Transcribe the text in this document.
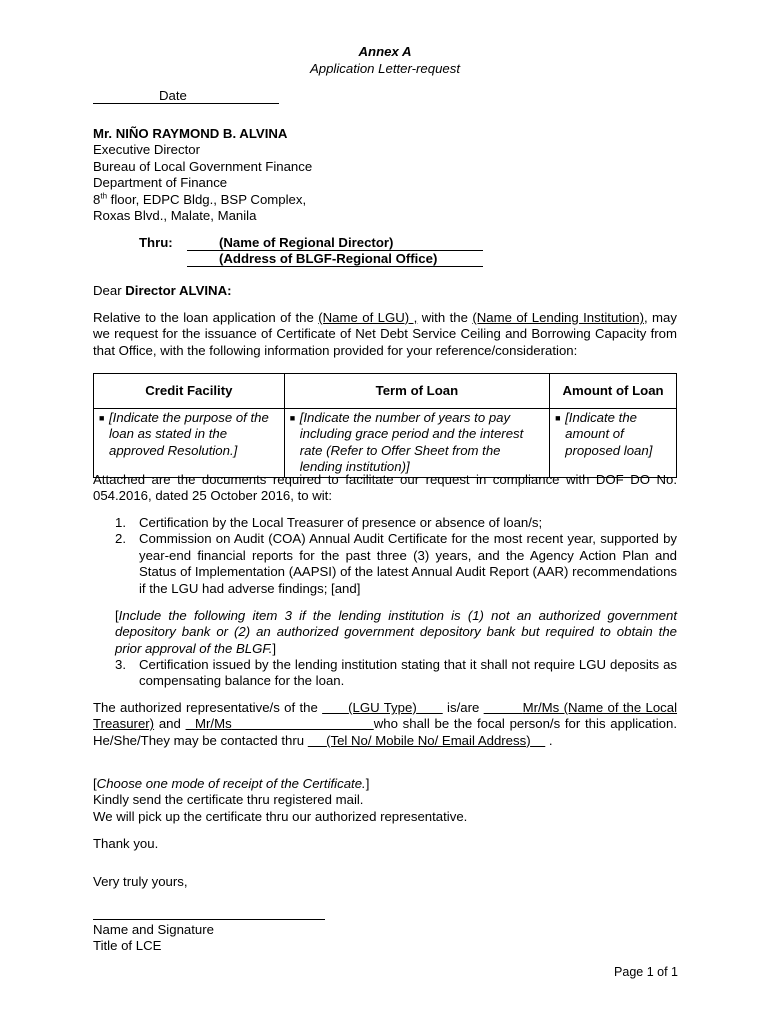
Annex A
Application Letter-request
Date
Mr. NIÑO RAYMOND B. ALVINA
Executive Director
Bureau of Local Government Finance
Department of Finance
8th floor, EDPC Bldg., BSP Complex,
Roxas Blvd., Malate, Manila
Thru:	(Name of Regional Director)
(Address of BLGF-Regional Office)
Dear Director ALVINA:

Relative to the loan application of the (Name of LGU) , with the (Name of Lending Institution), may we request for the issuance of Certificate of Net Debt Service Ceiling and Borrowing Capacity from that Office, with the following information provided for your reference/consideration:

Credit Facility	Term of Loan	Amount of Loan

■ [Indicate the purpose of the loan as stated in the approved Resolution.]	■ [Indicate the number of years to pay including grace period and the interest rate (Refer to Offer Sheet from the lending institution)]	■ [Indicate the amount of proposed loan]

Attached are the documents required to facilitate our request in compliance with DOF DO No. 054.2016, dated 25 October 2016, to wit:

1. Certification by the Local Treasurer of presence or absence of loan/s;
2. Commission on Audit (COA) Annual Audit Certificate for the most recent year, supported by year-end financial reports for the past three (3) years, and the Agency Action Plan and Status of Implementation (AAPSI) of the latest Annual Audit Report (AAR) recommendations if the LGU had adverse findings; [and]

[Include the following item 3 if the lending institution is (1) not an authorized government depository bank or (2) an authorized government depository bank but required to obtain the prior approval of the BLGF.]

3. Certification issued by the lending institution stating that it shall not require LGU deposits as compensating balance for the loan.

The authorized representative/s of the       (LGU Type)       is/are	Mr/Ms (Name of the Local Treasurer) and   Mr/Ms	who shall be the focal person/s for this application. He/She/They may be contacted thru      (Tel No/ Mobile No/ Email Address)     .

[Choose one mode of receipt of the Certificate.]
Kindly send the certificate thru registered mail.
We will pick up the certificate thru our authorized representative.
Thank you.
Very truly yours,
Name and Signature
Title of LCE
Page 1 of 1
